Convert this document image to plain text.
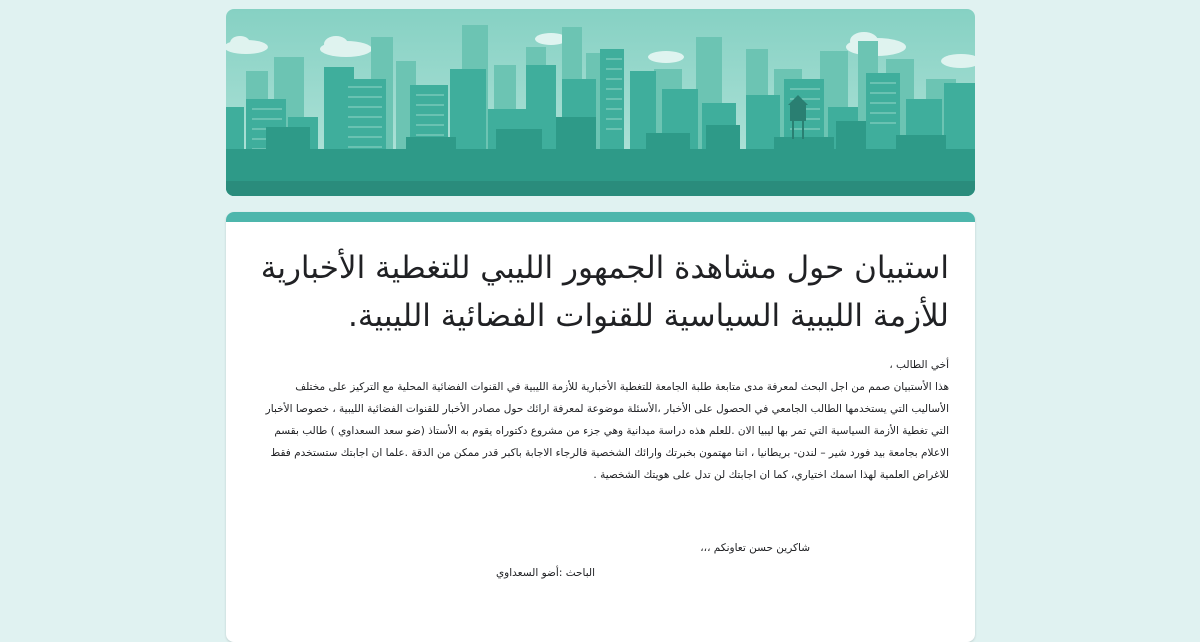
استبيان حول مشاهدة الجمهور الليبي للتغطية الأخبارية للأزمة الليبية السياسية للقنوات الفضائية الليبية.

أخي الطالب ،

هذا الأستبيان صمم من اجل البحث لمعرفة مدى متابعة طلبة الجامعة للتغطية الأخبارية للأزمة الليبية في القنوات الفضائية المحلية مع التركيز على مختلف الأساليب التي يستخدمها الطالب الجامعي في الحصول على الأخبار ،الأسئلة موضوعة لمعرفة ارائك حول مصادر الأخبار للقنوات الفضائية الليبية ، خصوصا الأخبار التي تغطية الأزمة السياسية التي تمر بها ليبيا الان .للعلم هذه دراسة ميدانية وهي جزء من مشروع دكتوراه يقوم به الأستاذ (ضو سعد السعداوي ) طالب بقسم الاعلام بجامعة بيد فورد شير – لندن- بريطانيا ، اننا مهتمون بخبرتك وارائك الشخصية فالرجاء الاجابة باكبر قدر ممكن من الدقة .علما ان اجابتك ستستخدم فقط للاغراض العلمية لهذا اسمك اختياري، كما ان اجابتك لن تدل على هويتك الشخصية .

شاكرين حسن تعاونكم ،،،
الباحث :أضو السعداوي
